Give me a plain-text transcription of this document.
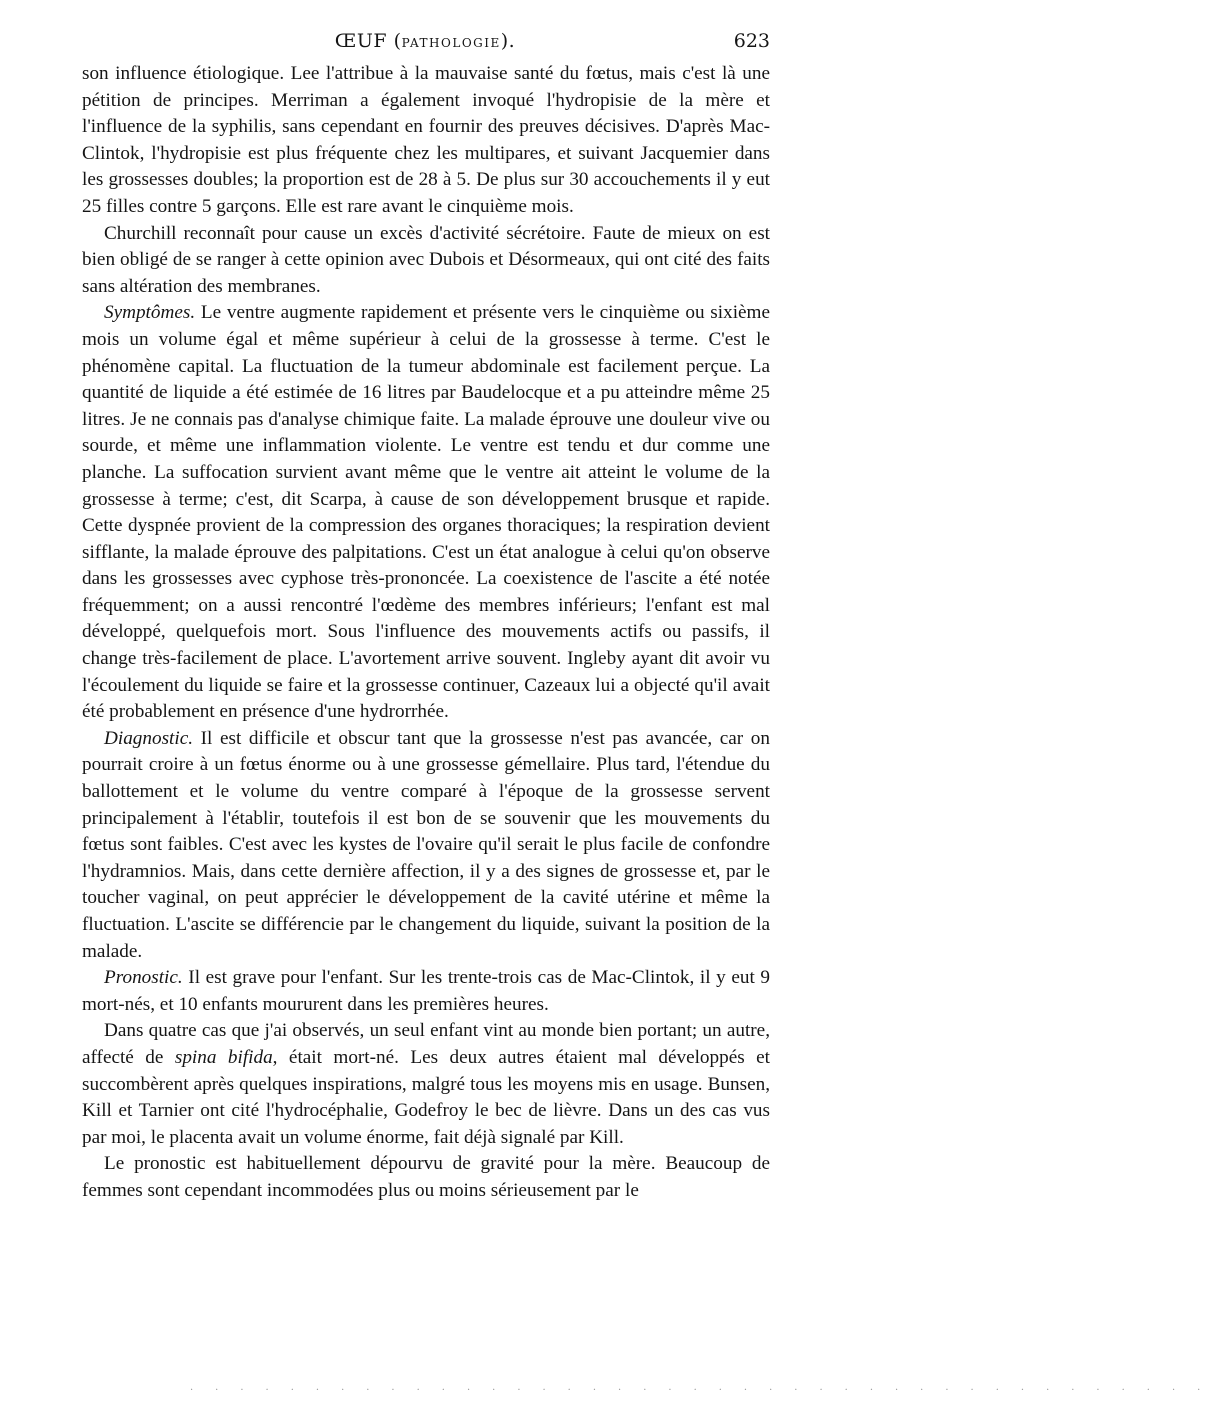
ŒUF (PATHOLOGIE).	623

son influence étiologique. Lee l'attribue à la mauvaise santé du fœtus, mais c'est là une pétition de principes. Merriman a également invoqué l'hydropisie de la mère et l'influence de la syphilis, sans cependant en fournir des preuves décisives. D'après Mac-Clintok, l'hydropisie est plus fréquente chez les multipares, et suivant Jacquemier dans les grossesses doubles; la proportion est de 28 à 5. De plus sur 30 accouchements il y eut 25 filles contre 5 garçons. Elle est rare avant le cinquième mois.

Churchill reconnaît pour cause un excès d'activité sécrétoire. Faute de mieux on est bien obligé de se ranger à cette opinion avec Dubois et Désormeaux, qui ont cité des faits sans altération des membranes.

Symptômes. Le ventre augmente rapidement et présente vers le cinquième ou sixième mois un volume égal et même supérieur à celui de la grossesse à terme. C'est le phénomène capital. La fluctuation de la tumeur abdominale est facilement perçue. La quantité de liquide a été estimée de 16 litres par Baudelocque et a pu atteindre même 25 litres. Je ne connais pas d'analyse chimique faite. La malade éprouve une douleur vive ou sourde, et même une inflammation violente. Le ventre est tendu et dur comme une planche. La suffocation survient avant même que le ventre ait atteint le volume de la grossesse à terme; c'est, dit Scarpa, à cause de son développement brusque et rapide. Cette dyspnée provient de la compression des organes thoraciques; la respiration devient sifflante, la malade éprouve des palpitations. C'est un état analogue à celui qu'on observe dans les grossesses avec cyphose très-prononcée. La coexistence de l'ascite a été notée fréquemment; on a aussi rencontré l'œdème des membres inférieurs; l'enfant est mal développé, quelquefois mort. Sous l'influence des mouvements actifs ou passifs, il change très-facilement de place. L'avortement arrive souvent. Ingleby ayant dit avoir vu l'écoulement du liquide se faire et la grossesse continuer, Cazeaux lui a objecté qu'il avait été probablement en présence d'une hydrorrhée.

Diagnostic. Il est difficile et obscur tant que la grossesse n'est pas avancée, car on pourrait croire à un fœtus énorme ou à une grossesse gémellaire. Plus tard, l'étendue du ballottement et le volume du ventre comparé à l'époque de la grossesse servent principalement à l'établir, toutefois il est bon de se souvenir que les mouvements du fœtus sont faibles. C'est avec les kystes de l'ovaire qu'il serait le plus facile de confondre l'hydramnios. Mais, dans cette dernière affection, il y a des signes de grossesse et, par le toucher vaginal, on peut apprécier le développement de la cavité utérine et même la fluctuation. L'ascite se différencie par le changement du liquide, suivant la position de la malade.

Pronostic. Il est grave pour l'enfant. Sur les trente-trois cas de Mac-Clintok, il y eut 9 mort-nés, et 10 enfants moururent dans les premières heures.

Dans quatre cas que j'ai observés, un seul enfant vint au monde bien portant; un autre, affecté de spina bifida, était mort-né. Les deux autres étaient mal développés et succombèrent après quelques inspirations, malgré tous les moyens mis en usage. Bunsen, Kill et Tarnier ont cité l'hydrocéphalie, Godefroy le bec de lièvre. Dans un des cas vus par moi, le placenta avait un volume énorme, fait déjà signalé par Kill.

Le pronostic est habituellement dépourvu de gravité pour la mère. Beaucoup de femmes sont cependant incommodées plus ou moins sérieusement par le

·········································
